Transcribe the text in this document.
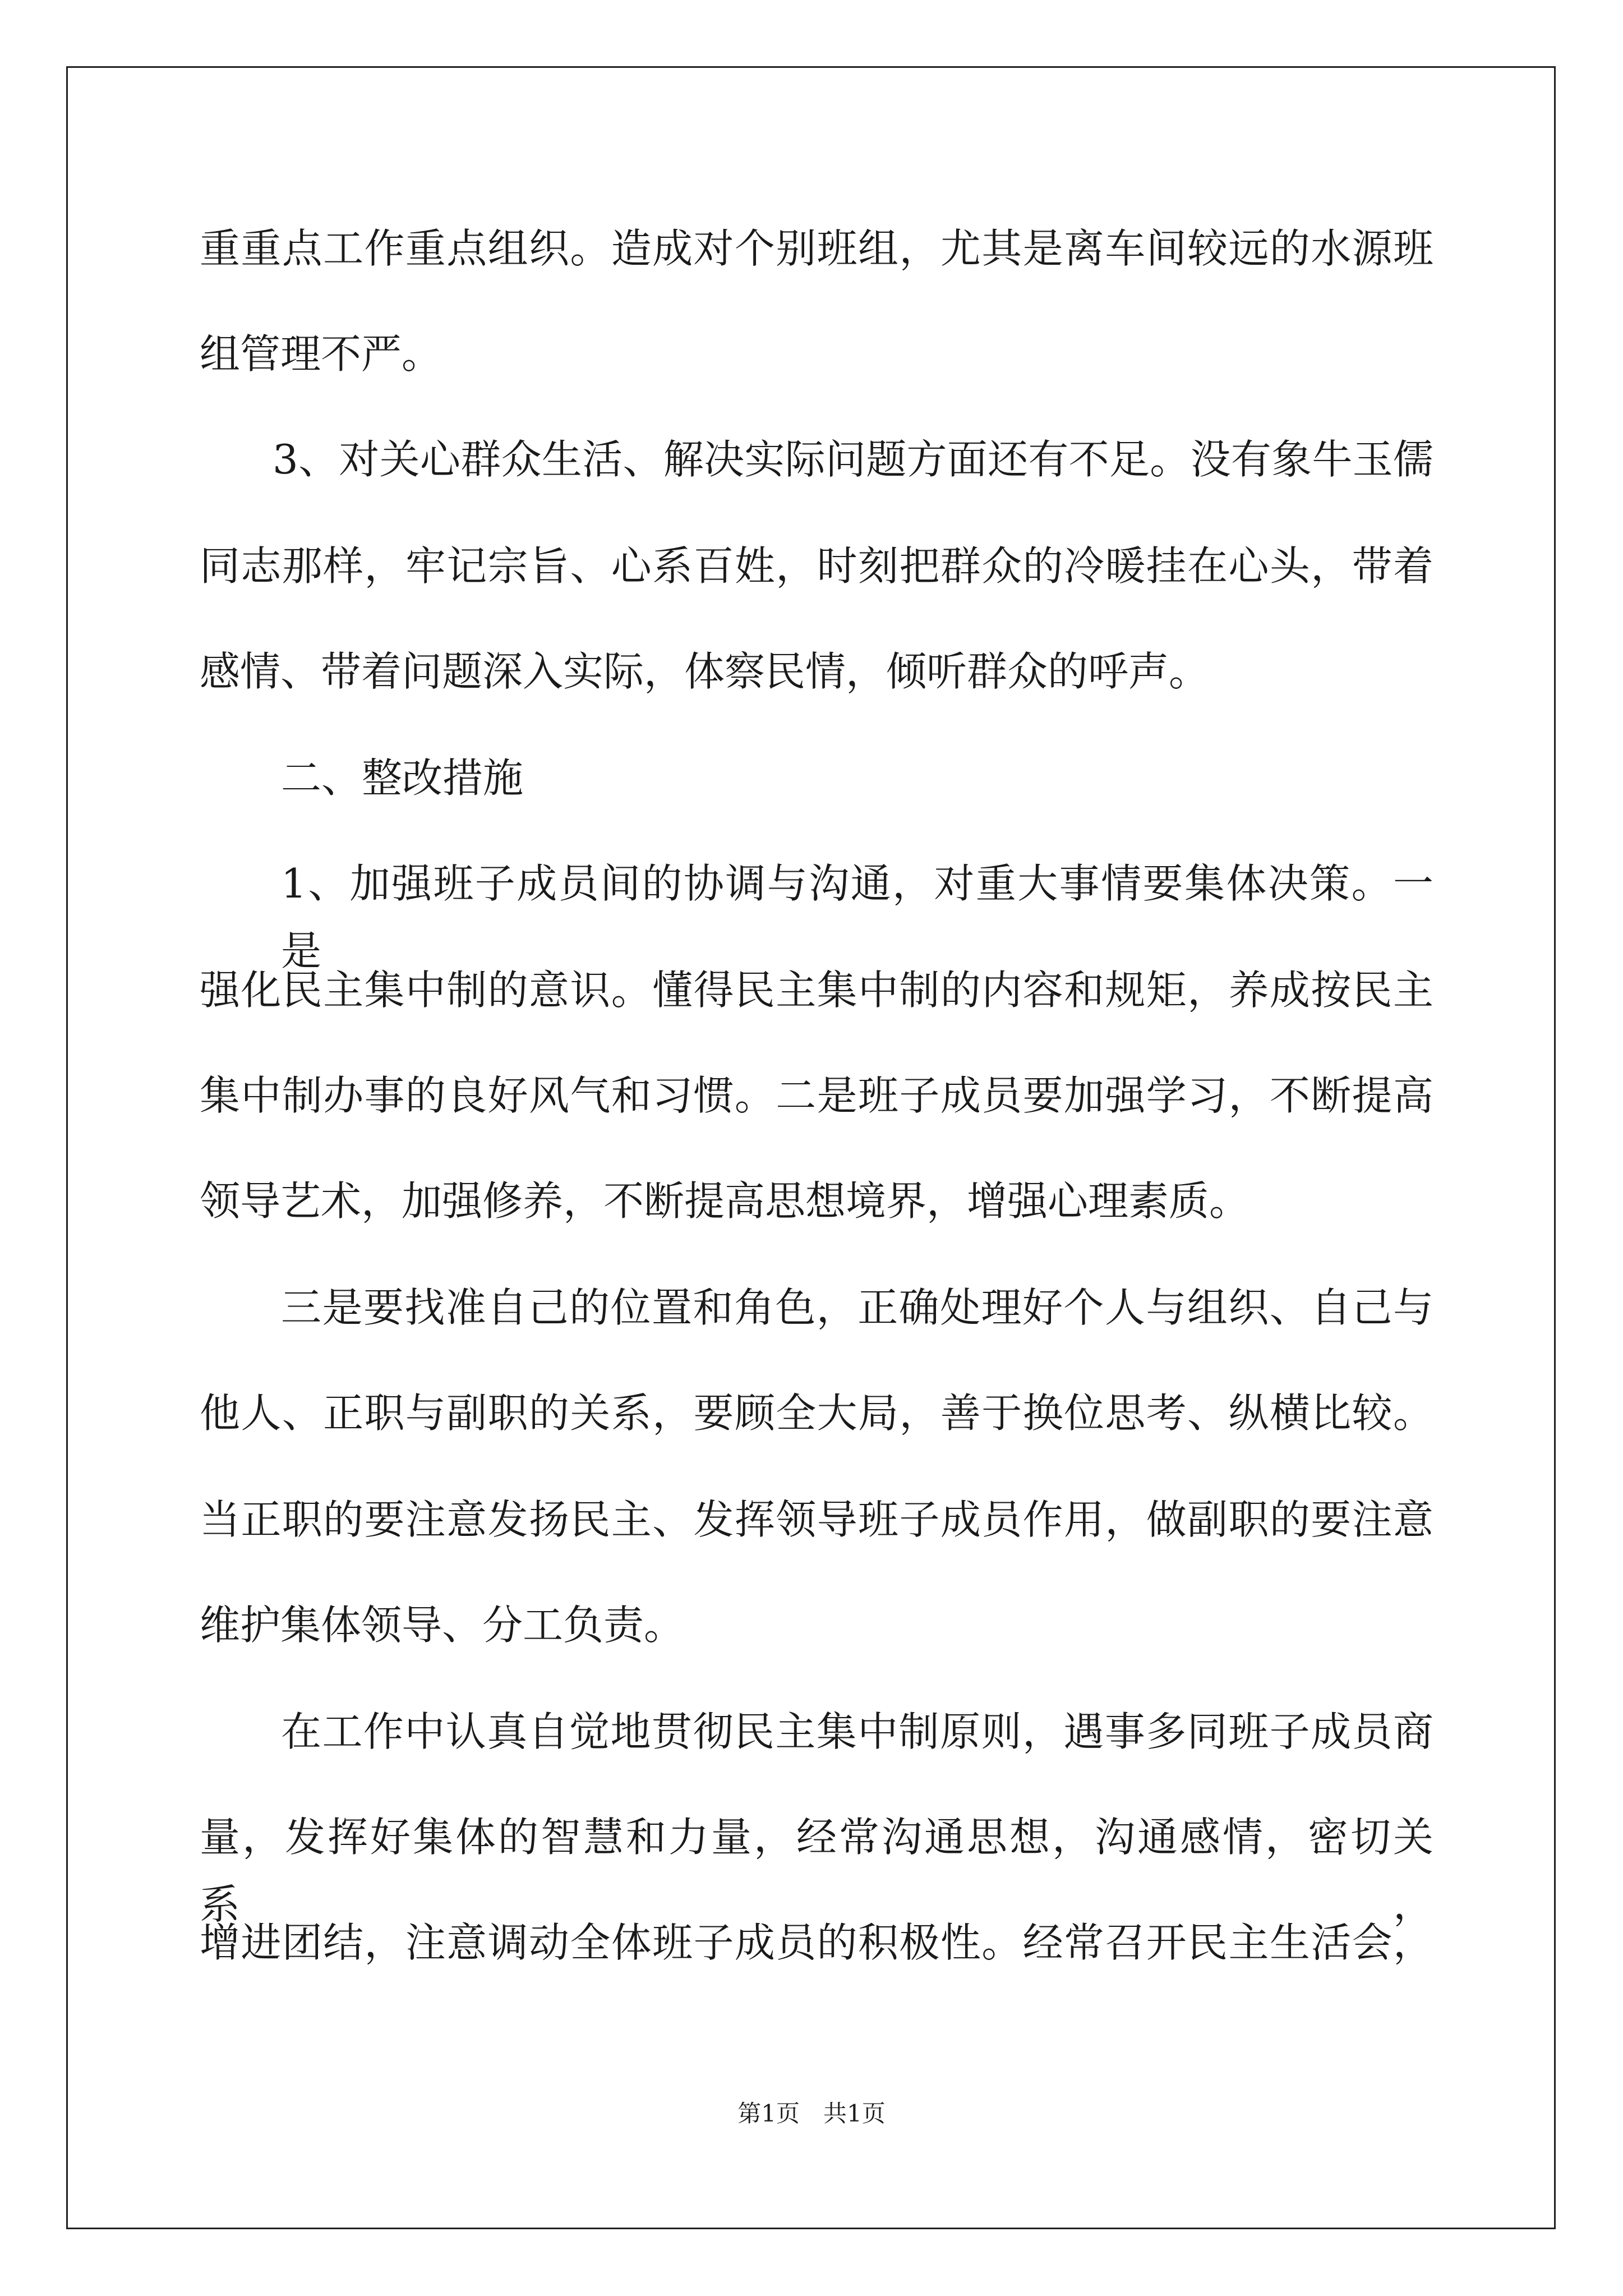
重重点工作重点组织。造成对个别班组，尤其是离车间较远的水源班
组管理不严。
3、对关心群众生活、解决实际问题方面还有不足。没有象牛玉儒
同志那样，牢记宗旨、心系百姓，时刻把群众的冷暖挂在心头，带着
感情、带着问题深入实际，体察民情，倾听群众的呼声。
二、整改措施
1、加强班子成员间的协调与沟通，对重大事情要集体决策。一是
强化民主集中制的意识。懂得民主集中制的内容和规矩，养成按民主
集中制办事的良好风气和习惯。二是班子成员要加强学习，不断提高
领导艺术，加强修养，不断提高思想境界，增强心理素质。
三是要找准自己的位置和角色，正确处理好个人与组织、自己与
他人、正职与副职的关系，要顾全大局，善于换位思考、纵横比较。
当正职的要注意发扬民主、发挥领导班子成员作用，做副职的要注意
维护集体领导、分工负责。
在工作中认真自觉地贯彻民主集中制原则，遇事多同班子成员商
量，发挥好集体的智慧和力量，经常沟通思想，沟通感情，密切关系，
增进团结，注意调动全体班子成员的积极性。经常召开民主生活会，
第1页　共1页
